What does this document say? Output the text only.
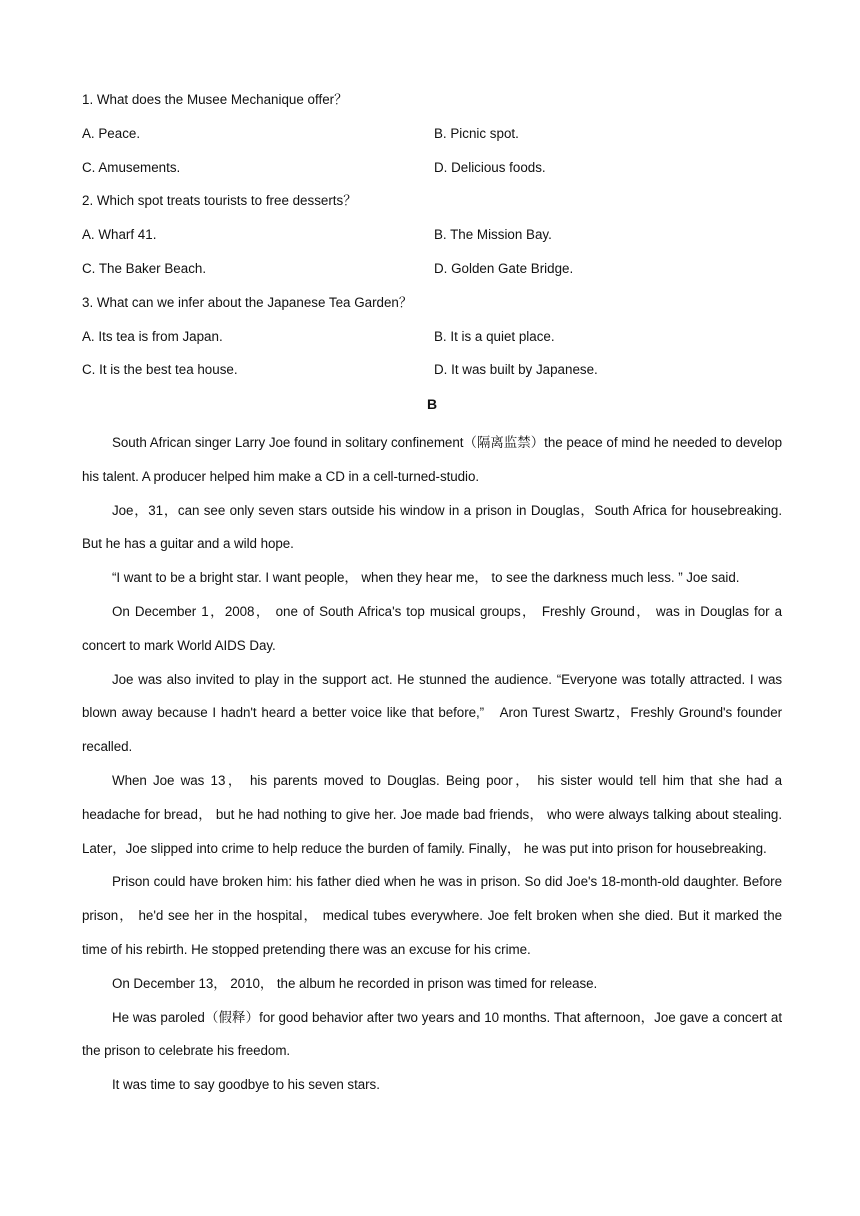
1. What does the Musee Mechanique offer？
A. Peace.	B. Picnic spot.
C. Amusements.	D. Delicious foods.
2. Which spot treats tourists to free desserts？
A. Wharf 41.	B. The Mission Bay.
C. The Baker Beach.	D. Golden Gate Bridge.
3. What can we infer about the Japanese Tea Garden？
A. Its tea is from Japan.	B. It is a quiet place.
C. It is the best tea house.	D. It was built by Japanese.
B

South African singer Larry Joe found in solitary confinement（隔离监禁）the peace of mind he needed to develop his talent. A producer helped him make a CD in a cell-turned-studio.

Joe，31，can see only seven stars outside his window in a prison in Douglas，South Africa for housebreaking. But he has a guitar and a wild hope.

“I want to be a bright star. I want people， when they hear me， to see the darkness much less. ” Joe said.

On December 1，2008， one of South Africa's top musical groups， Freshly Ground， was in Douglas for a concert to mark World AIDS Day.

Joe was also invited to play in the support act. He stunned the audience. “Everyone was totally attracted. I was blown away because I hadn't heard a better voice like that before,”　Aron Turest Swartz，Freshly Ground's founder recalled.

When Joe was 13， his parents moved to Douglas. Being poor， his sister would tell him that she had a headache for bread， but he had nothing to give her. Joe made bad friends， who were always talking about stealing. Later，Joe slipped into crime to help reduce the burden of family. Finally， he was put into prison for housebreaking.

Prison could have broken him: his father died when he was in prison. So did Joe's 18-month-old daughter. Before prison， he'd see her in the hospital， medical tubes everywhere. Joe felt broken when she died. But it marked the time of his rebirth. He stopped pretending there was an excuse for his crime.

On December 13， 2010， the album he recorded in prison was timed for release.

He was paroled（假释）for good behavior after two years and 10 months. That afternoon，Joe gave a concert at the prison to celebrate his freedom.

It was time to say goodbye to his seven stars.
